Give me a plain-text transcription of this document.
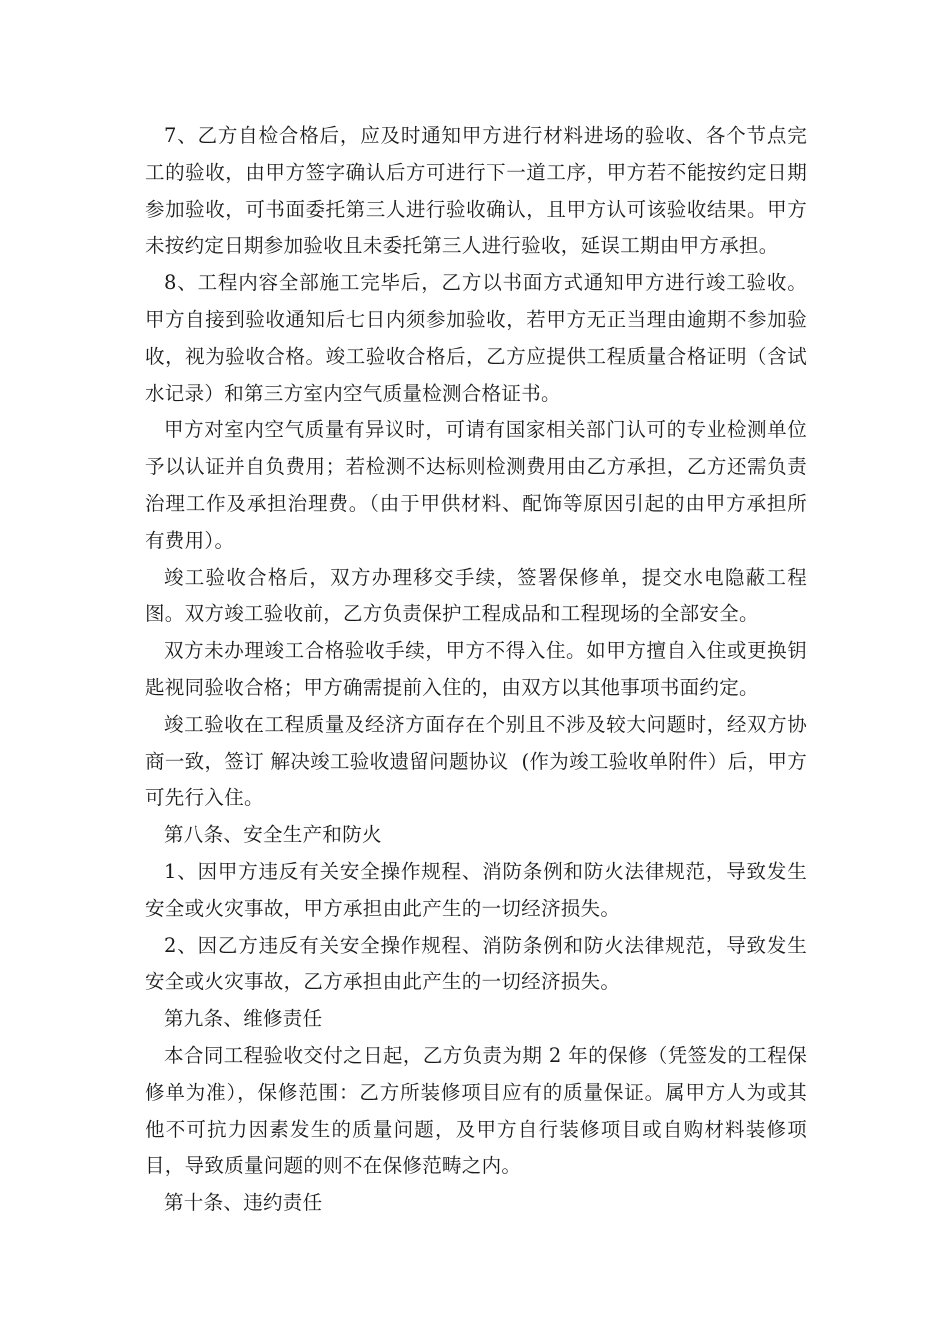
7、乙方自检合格后，应及时通知甲方进行材料进场的验收、各个节点完工的验收，由甲方签字确认后方可进行下一道工序，甲方若不能按约定日期参加验收，可书面委托第三人进行验收确认，且甲方认可该验收结果。甲方未按约定日期参加验收且未委托第三人进行验收，延误工期由甲方承担。

8、工程内容全部施工完毕后，乙方以书面方式通知甲方进行竣工验收。甲方自接到验收通知后七日内须参加验收，若甲方无正当理由逾期不参加验收，视为验收合格。竣工验收合格后，乙方应提供工程质量合格证明（含试水记录）和第三方室内空气质量检测合格证书。

甲方对室内空气质量有异议时，可请有国家相关部门认可的专业检测单位予以认证并自负费用；若检测不达标则检测费用由乙方承担，乙方还需负责治理工作及承担治理费。（由于甲供材料、配饰等原因引起的由甲方承担所有费用）。

竣工验收合格后，双方办理移交手续，签署保修单，提交水电隐蔽工程图。双方竣工验收前，乙方负责保护工程成品和工程现场的全部安全。

双方未办理竣工合格验收手续，甲方不得入住。如甲方擅自入住或更换钥匙视同验收合格；甲方确需提前入住的，由双方以其他事项书面约定。

竣工验收在工程质量及经济方面存在个别且不涉及较大问题时，经双方协商一致，签订 解决竣工验收遗留问题协议  (作为竣工验收单附件）后，甲方可先行入住。

第八条、安全生产和防火

1、因甲方违反有关安全操作规程、消防条例和防火法律规范，导致发生安全或火灾事故，甲方承担由此产生的一切经济损失。

2、因乙方违反有关安全操作规程、消防条例和防火法律规范，导致发生安全或火灾事故，乙方承担由此产生的一切经济损失。

第九条、维修责任

本合同工程验收交付之日起，乙方负责为期 2 年的保修（凭签发的工程保修单为准），保修范围：乙方所装修项目应有的质量保证。属甲方人为或其他不可抗力因素发生的质量问题，及甲方自行装修项目或自购材料装修项目，导致质量问题的则不在保修范畴之内。

第十条、违约责任
